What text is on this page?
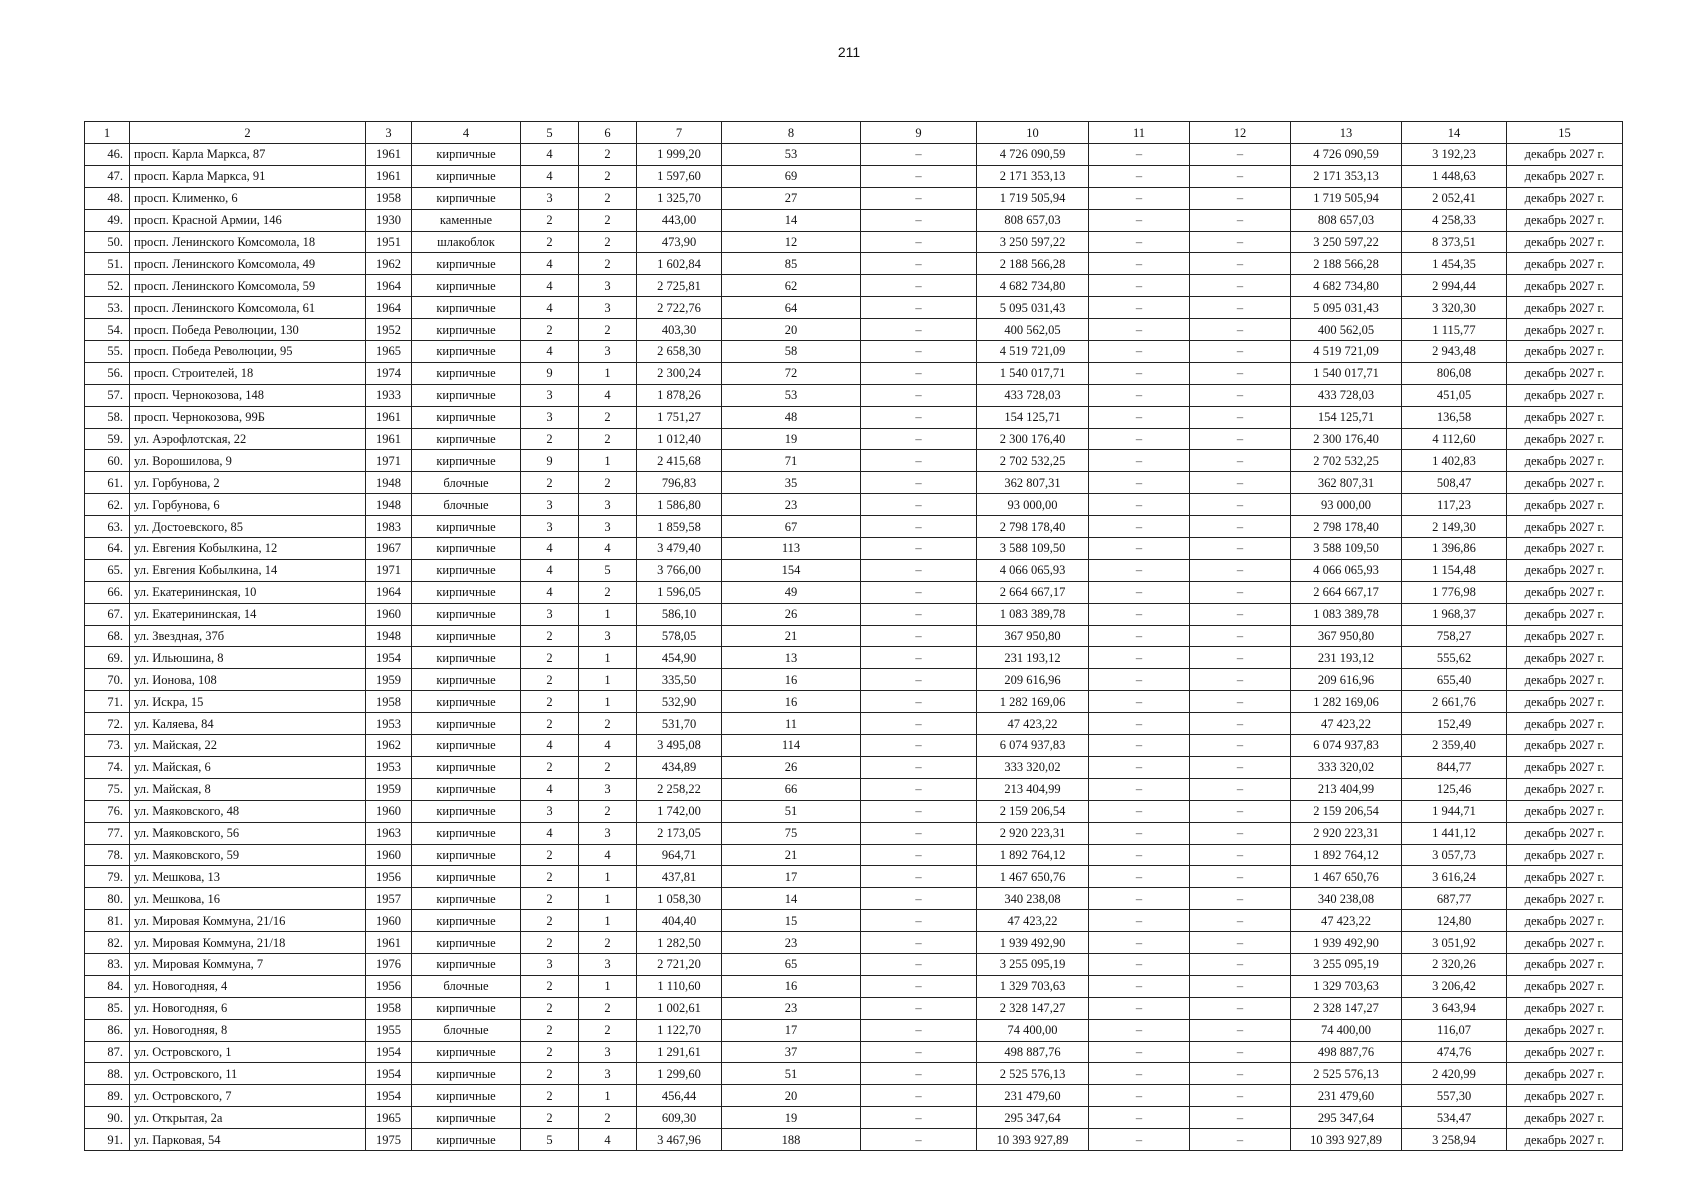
211
1	2	3	4	5	6	7	8	9	10	11	12	13	14	15
46.	просп. Карла Маркса, 87	1961	кирпичные	4	2	1 999,20	53	–	4 726 090,59	–	–	4 726 090,59	3 192,23	декабрь 2027 г.
47.	просп. Карла Маркса, 91	1961	кирпичные	4	2	1 597,60	69	–	2 171 353,13	–	–	2 171 353,13	1 448,63	декабрь 2027 г.
48.	просп. Клименко, 6	1958	кирпичные	3	2	1 325,70	27	–	1 719 505,94	–	–	1 719 505,94	2 052,41	декабрь 2027 г.
49.	просп. Красной Армии, 146	1930	каменные	2	2	443,00	14	–	808 657,03	–	–	808 657,03	4 258,33	декабрь 2027 г.
50.	просп. Ленинского Комсомола, 18	1951	шлакоблок	2	2	473,90	12	–	3 250 597,22	–	–	3 250 597,22	8 373,51	декабрь 2027 г.
51.	просп. Ленинского Комсомола, 49	1962	кирпичные	4	2	1 602,84	85	–	2 188 566,28	–	–	2 188 566,28	1 454,35	декабрь 2027 г.
52.	просп. Ленинского Комсомола, 59	1964	кирпичные	4	3	2 725,81	62	–	4 682 734,80	–	–	4 682 734,80	2 994,44	декабрь 2027 г.
53.	просп. Ленинского Комсомола, 61	1964	кирпичные	4	3	2 722,76	64	–	5 095 031,43	–	–	5 095 031,43	3 320,30	декабрь 2027 г.
54.	просп. Победа Революции, 130	1952	кирпичные	2	2	403,30	20	–	400 562,05	–	–	400 562,05	1 115,77	декабрь 2027 г.
55.	просп. Победа Революции, 95	1965	кирпичные	4	3	2 658,30	58	–	4 519 721,09	–	–	4 519 721,09	2 943,48	декабрь 2027 г.
56.	просп. Строителей, 18	1974	кирпичные	9	1	2 300,24	72	–	1 540 017,71	–	–	1 540 017,71	806,08	декабрь 2027 г.
57.	просп. Чернокозова, 148	1933	кирпичные	3	4	1 878,26	53	–	433 728,03	–	–	433 728,03	451,05	декабрь 2027 г.
58.	просп. Чернокозова, 99Б	1961	кирпичные	3	2	1 751,27	48	–	154 125,71	–	–	154 125,71	136,58	декабрь 2027 г.
59.	ул. Аэрофлотская, 22	1961	кирпичные	2	2	1 012,40	19	–	2 300 176,40	–	–	2 300 176,40	4 112,60	декабрь 2027 г.
60.	ул. Ворошилова, 9	1971	кирпичные	9	1	2 415,68	71	–	2 702 532,25	–	–	2 702 532,25	1 402,83	декабрь 2027 г.
61.	ул. Горбунова, 2	1948	блочные	2	2	796,83	35	–	362 807,31	–	–	362 807,31	508,47	декабрь 2027 г.
62.	ул. Горбунова, 6	1948	блочные	3	3	1 586,80	23	–	93 000,00	–	–	93 000,00	117,23	декабрь 2027 г.
63.	ул. Достоевского, 85	1983	кирпичные	3	3	1 859,58	67	–	2 798 178,40	–	–	2 798 178,40	2 149,30	декабрь 2027 г.
64.	ул. Евгения Кобылкина, 12	1967	кирпичные	4	4	3 479,40	113	–	3 588 109,50	–	–	3 588 109,50	1 396,86	декабрь 2027 г.
65.	ул. Евгения Кобылкина, 14	1971	кирпичные	4	5	3 766,00	154	–	4 066 065,93	–	–	4 066 065,93	1 154,48	декабрь 2027 г.
66.	ул. Екатерининская, 10	1964	кирпичные	4	2	1 596,05	49	–	2 664 667,17	–	–	2 664 667,17	1 776,98	декабрь 2027 г.
67.	ул. Екатерининская, 14	1960	кирпичные	3	1	586,10	26	–	1 083 389,78	–	–	1 083 389,78	1 968,37	декабрь 2027 г.
68.	ул. Звездная, 37б	1948	кирпичные	2	3	578,05	21	–	367 950,80	–	–	367 950,80	758,27	декабрь 2027 г.
69.	ул. Ильюшина, 8	1954	кирпичные	2	1	454,90	13	–	231 193,12	–	–	231 193,12	555,62	декабрь 2027 г.
70.	ул. Ионова, 108	1959	кирпичные	2	1	335,50	16	–	209 616,96	–	–	209 616,96	655,40	декабрь 2027 г.
71.	ул. Искра, 15	1958	кирпичные	2	1	532,90	16	–	1 282 169,06	–	–	1 282 169,06	2 661,76	декабрь 2027 г.
72.	ул. Каляева, 84	1953	кирпичные	2	2	531,70	11	–	47 423,22	–	–	47 423,22	152,49	декабрь 2027 г.
73.	ул. Майская, 22	1962	кирпичные	4	4	3 495,08	114	–	6 074 937,83	–	–	6 074 937,83	2 359,40	декабрь 2027 г.
74.	ул. Майская, 6	1953	кирпичные	2	2	434,89	26	–	333 320,02	–	–	333 320,02	844,77	декабрь 2027 г.
75.	ул. Майская, 8	1959	кирпичные	4	3	2 258,22	66	–	213 404,99	–	–	213 404,99	125,46	декабрь 2027 г.
76.	ул. Маяковского, 48	1960	кирпичные	3	2	1 742,00	51	–	2 159 206,54	–	–	2 159 206,54	1 944,71	декабрь 2027 г.
77.	ул. Маяковского, 56	1963	кирпичные	4	3	2 173,05	75	–	2 920 223,31	–	–	2 920 223,31	1 441,12	декабрь 2027 г.
78.	ул. Маяковского, 59	1960	кирпичные	2	4	964,71	21	–	1 892 764,12	–	–	1 892 764,12	3 057,73	декабрь 2027 г.
79.	ул. Мешкова, 13	1956	кирпичные	2	1	437,81	17	–	1 467 650,76	–	–	1 467 650,76	3 616,24	декабрь 2027 г.
80.	ул. Мешкова, 16	1957	кирпичные	2	1	1 058,30	14	–	340 238,08	–	–	340 238,08	687,77	декабрь 2027 г.
81.	ул. Мировая Коммуна, 21/16	1960	кирпичные	2	1	404,40	15	–	47 423,22	–	–	47 423,22	124,80	декабрь 2027 г.
82.	ул. Мировая Коммуна, 21/18	1961	кирпичные	2	2	1 282,50	23	–	1 939 492,90	–	–	1 939 492,90	3 051,92	декабрь 2027 г.
83.	ул. Мировая Коммуна, 7	1976	кирпичные	3	3	2 721,20	65	–	3 255 095,19	–	–	3 255 095,19	2 320,26	декабрь 2027 г.
84.	ул. Новогодняя, 4	1956	блочные	2	1	1 110,60	16	–	1 329 703,63	–	–	1 329 703,63	3 206,42	декабрь 2027 г.
85.	ул. Новогодняя, 6	1958	кирпичные	2	2	1 002,61	23	–	2 328 147,27	–	–	2 328 147,27	3 643,94	декабрь 2027 г.
86.	ул. Новогодняя, 8	1955	блочные	2	2	1 122,70	17	–	74 400,00	–	–	74 400,00	116,07	декабрь 2027 г.
87.	ул. Островского, 1	1954	кирпичные	2	3	1 291,61	37	–	498 887,76	–	–	498 887,76	474,76	декабрь 2027 г.
88.	ул. Островского, 11	1954	кирпичные	2	3	1 299,60	51	–	2 525 576,13	–	–	2 525 576,13	2 420,99	декабрь 2027 г.
89.	ул. Островского, 7	1954	кирпичные	2	1	456,44	20	–	231 479,60	–	–	231 479,60	557,30	декабрь 2027 г.
90.	ул. Открытая, 2а	1965	кирпичные	2	2	609,30	19	–	295 347,64	–	–	295 347,64	534,47	декабрь 2027 г.
91.	ул. Парковая, 54	1975	кирпичные	5	4	3 467,96	188	–	10 393 927,89	–	–	10 393 927,89	3 258,94	декабрь 2027 г.
